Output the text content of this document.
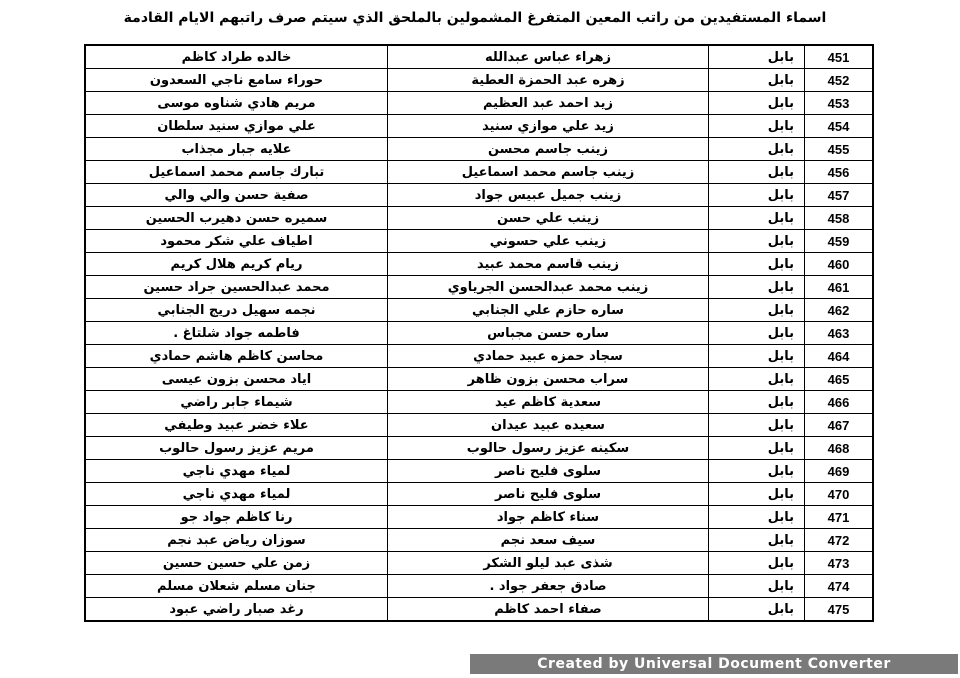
اسماء المستفيدين من راتب المعين المتفرغ المشمولين بالملحق الذي سيتم صرف راتبهم الايام القادمة
451	بابل	زهراء عباس عبدالله	خالده طراد كاظم
452	بابل	زهره عبد الحمزة العطية	حوراء سامع ناجي السعدون
453	بابل	زيد احمد عبد العظيم	مريم هادي شناوه موسى
454	بابل	زيد علي موازي سنيد	علي موازي سنيد سلطان
455	بابل	زينب جاسم محسن	علايه جبار مجذاب
456	بابل	زينب جاسم محمد اسماعيل	تبارك جاسم محمد اسماعيل
457	بابل	زينب جميل عبيس جواد	صفية حسن والي والي
458	بابل	زينب علي حسن	سميره حسن دهيرب الحسين
459	بابل	زينب علي حسوني	اطياف علي شكر محمود
460	بابل	زينب قاسم محمد عبيد	ريام كريم هلال كريم
461	بابل	زينب محمد عبدالحسن الجرياوي	محمد عبدالحسين جراد حسين
462	بابل	ساره حازم علي الجنابي	نجمه سهيل دريج الجنابي
463	بابل	ساره حسن مجباس	فاطمه جواد شلتاغ .
464	بابل	سجاد حمزه عبيد حمادي	محاسن كاظم هاشم حمادي
465	بابل	سراب محسن بزون ظاهر	اياد محسن بزون عيسى
466	بابل	سعدية كاظم عيد	شيماء جابر راضي
467	بابل	سعيده عبيد عيدان	علاء خضر عبيد وطيفي
468	بابل	سكينه عزيز رسول حالوب	مريم عزيز رسول حالوب
469	بابل	سلوى فليح ناصر	لمياء مهدي ناجي
470	بابل	سلوى فليح ناصر	لمياء مهدي ناجي
471	بابل	سناء كاظم جواد	رنا كاظم جواد جو
472	بابل	سيف سعد نجم	سوزان رياض عبد نجم
473	بابل	شذى عبد ليلو الشكر	زمن علي حسين حسين
474	بابل	صادق جعفر جواد .	جنان مسلم شعلان مسلم
475	بابل	صفاء احمد كاظم	رغد صبار راضي عبود
Created by Universal Document Converter
